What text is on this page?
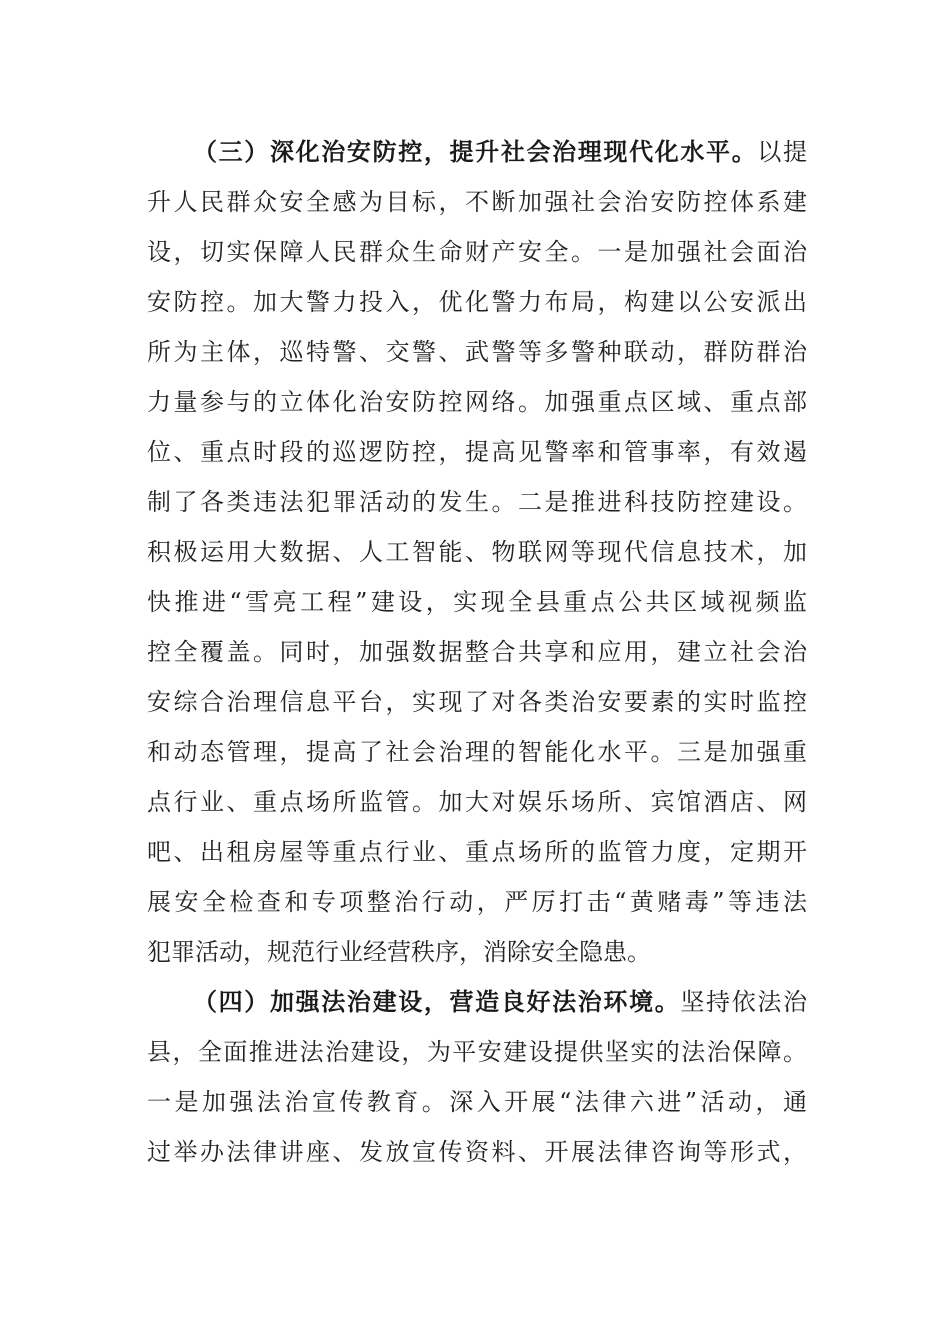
（三）深化治安防控，提升社会治理现代化水平。以提
升人民群众安全感为目标，不断加强社会治安防控体系建
设，切实保障人民群众生命财产安全。一是加强社会面治
安防控。加大警力投入，优化警力布局，构建以公安派出
所为主体，巡特警、交警、武警等多警种联动，群防群治
力量参与的立体化治安防控网络。加强重点区域、重点部
位、重点时段的巡逻防控，提高见警率和管事率，有效遏
制了各类违法犯罪活动的发生。二是推进科技防控建设。
积极运用大数据、人工智能、物联网等现代信息技术，加
快推进“雪亮工程”建设，实现全县重点公共区域视频监
控全覆盖。同时，加强数据整合共享和应用，建立社会治
安综合治理信息平台，实现了对各类治安要素的实时监控
和动态管理，提高了社会治理的智能化水平。三是加强重
点行业、重点场所监管。加大对娱乐场所、宾馆酒店、网
吧、出租房屋等重点行业、重点场所的监管力度，定期开
展安全检查和专项整治行动，严厉打击“黄赌毒”等违法
犯罪活动，规范行业经营秩序，消除安全隐患。
（四）加强法治建设，营造良好法治环境。坚持依法治
县，全面推进法治建设，为平安建设提供坚实的法治保障。
一是加强法治宣传教育。深入开展“法律六进”活动，通
过举办法律讲座、发放宣传资料、开展法律咨询等形式，
